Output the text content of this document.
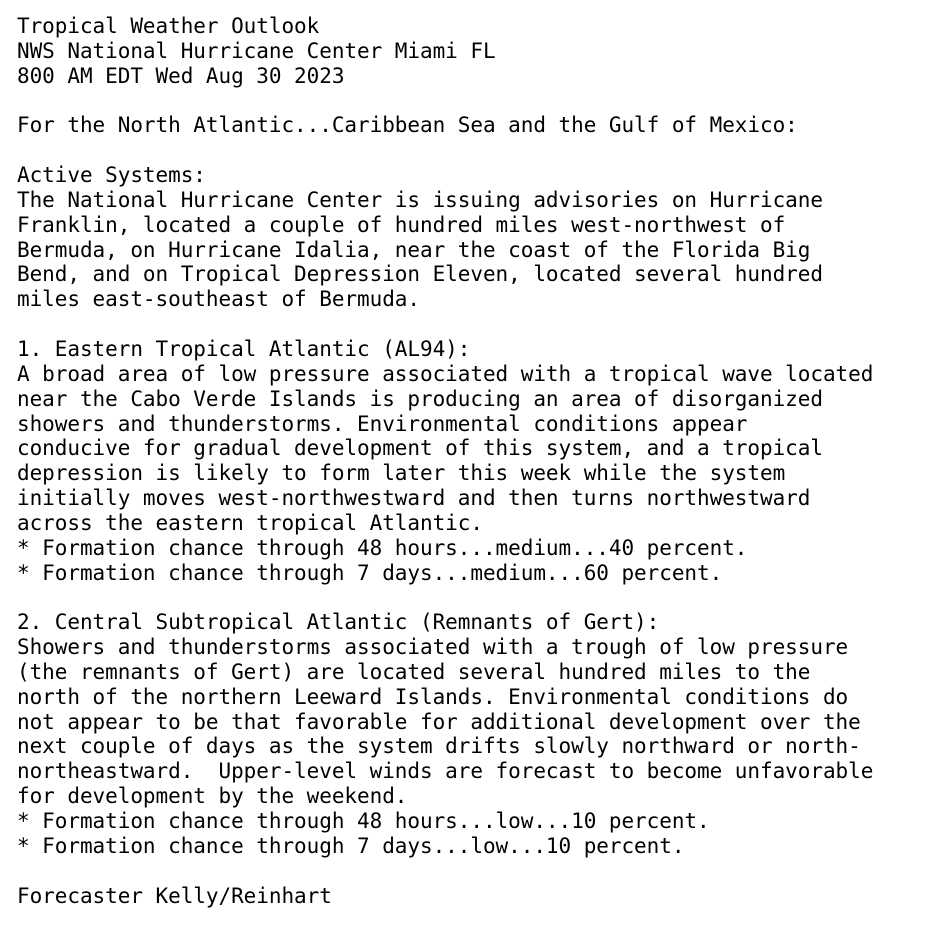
Tropical Weather Outlook
NWS National Hurricane Center Miami FL
800 AM EDT Wed Aug 30 2023
For the North Atlantic...Caribbean Sea and the Gulf of Mexico:
Active Systems:
The National Hurricane Center is issuing advisories on Hurricane
Franklin, located a couple of hundred miles west-northwest of
Bermuda, on Hurricane Idalia, near the coast of the Florida Big
Bend, and on Tropical Depression Eleven, located several hundred
miles east-southeast of Bermuda.
1. Eastern Tropical Atlantic (AL94):
A broad area of low pressure associated with a tropical wave located
near the Cabo Verde Islands is producing an area of disorganized
showers and thunderstorms. Environmental conditions appear
conducive for gradual development of this system, and a tropical
depression is likely to form later this week while the system
initially moves west-northwestward and then turns northwestward
across the eastern tropical Atlantic.
* Formation chance through 48 hours...medium...40 percent.
* Formation chance through 7 days...medium...60 percent.
2. Central Subtropical Atlantic (Remnants of Gert):
Showers and thunderstorms associated with a trough of low pressure
(the remnants of Gert) are located several hundred miles to the
north of the northern Leeward Islands. Environmental conditions do
not appear to be that favorable for additional development over the
next couple of days as the system drifts slowly northward or north-
northeastward.  Upper-level winds are forecast to become unfavorable
for development by the weekend.
* Formation chance through 48 hours...low...10 percent.
* Formation chance through 7 days...low...10 percent.
Forecaster Kelly/Reinhart
